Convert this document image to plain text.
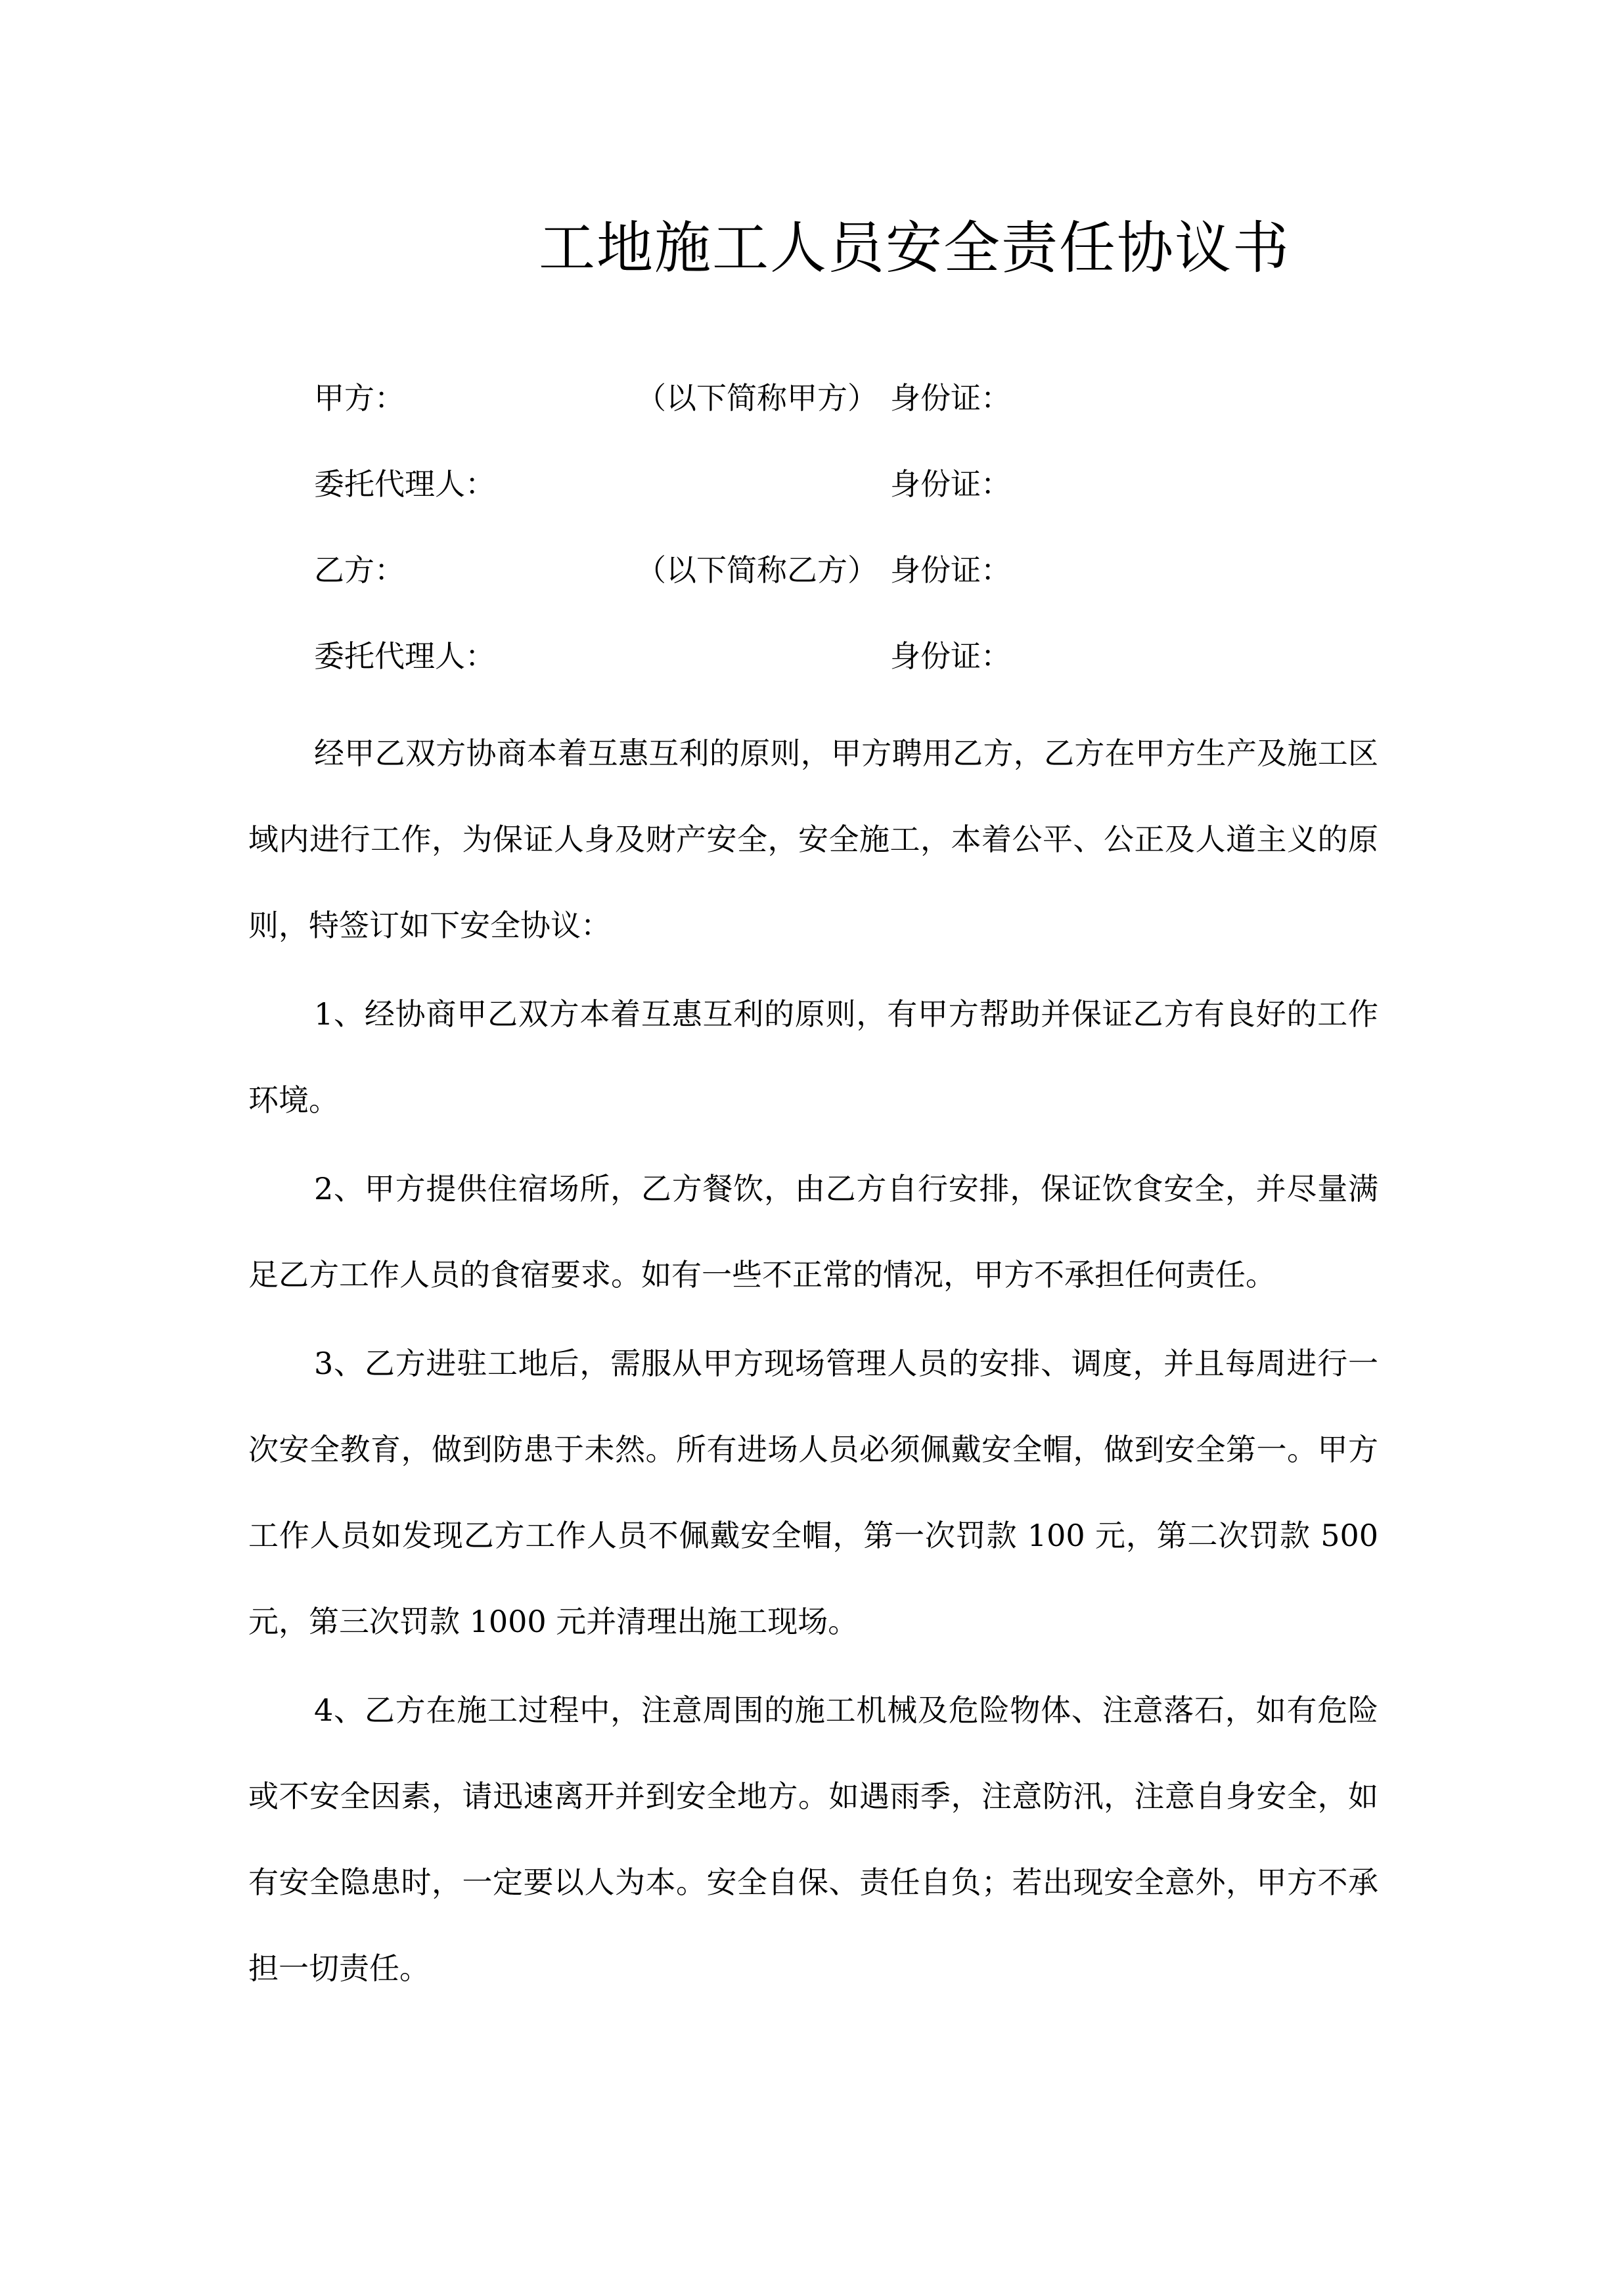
工地施工人员安全责任协议书
甲方：	（以下简称甲方） 身份证：
委托代理人：	身份证：
乙方：	（以下简称乙方） 身份证：
委托代理人：	身份证：

经甲乙双方协商本着互惠互利的原则，甲方聘用乙方，乙方在甲方生产及施工区域内进行工作，为保证人身及财产安全，安全施工，本着公平、公正及人道主义的原则，特签订如下安全协议：

1、经协商甲乙双方本着互惠互利的原则，有甲方帮助并保证乙方有良好的工作环境。

2、甲方提供住宿场所，乙方餐饮，由乙方自行安排，保证饮食安全，并尽量满足乙方工作人员的食宿要求。如有一些不正常的情况，甲方不承担任何责任。

3、乙方进驻工地后，需服从甲方现场管理人员的安排、调度，并且每周进行一次安全教育，做到防患于未然。所有进场人员必须佩戴安全帽，做到安全第一。甲方工作人员如发现乙方工作人员不佩戴安全帽，第一次罚款 100 元，第二次罚款 500 元，第三次罚款 1000 元并清理出施工现场。

4、乙方在施工过程中，注意周围的施工机械及危险物体、注意落石，如有危险或不安全因素，请迅速离开并到安全地方。如遇雨季，注意防汛，注意自身安全，如有安全隐患时，一定要以人为本。安全自保、责任自负；若出现安全意外，甲方不承担一切责任。
